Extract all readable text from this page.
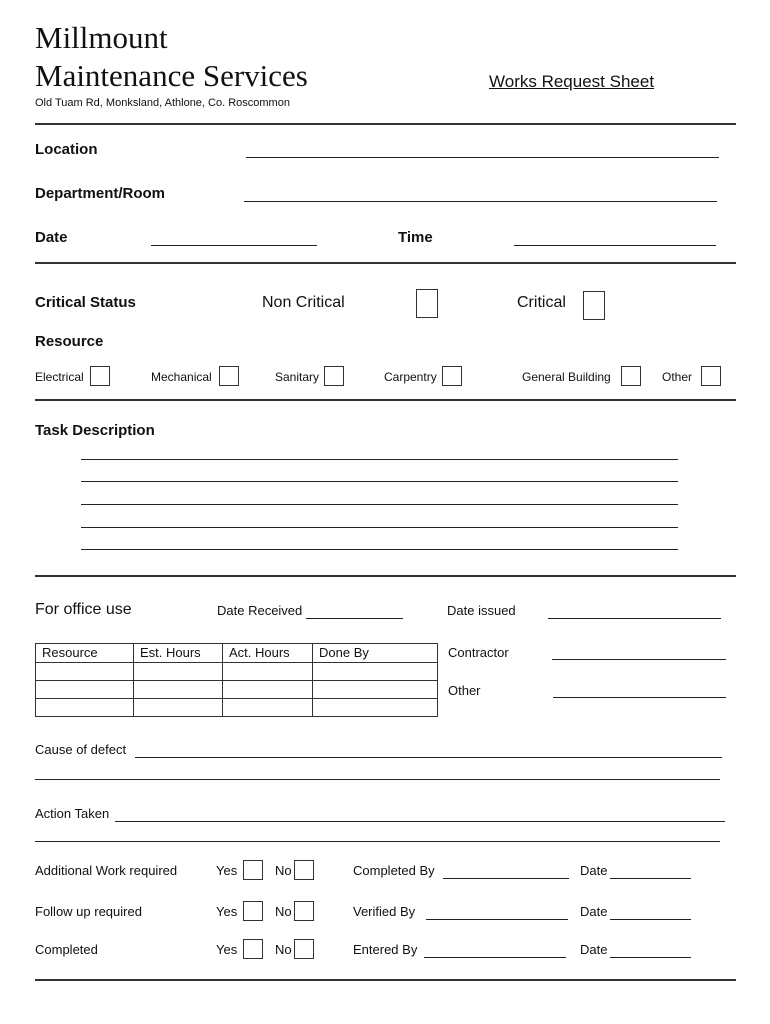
Millmount
Maintenance Services
Old Tuam Rd, Monksland, Athlone, Co. Roscommon
Works Request Sheet
Location
Department/Room
Date	Time
Critical Status	Non Critical	Critical
Resource
Electrical	Mechanical	Sanitary	Carpentry	General Building	Other
Task Description
For office use	Date Received	Date issued
Resource	Est. Hours	Act. Hours	Done By

				Contractor
Other
Cause of defect
Action Taken
Additional Work required	Yes	No	Completed By	Date
Follow up required	Yes	No	Verified By	Date
Completed	Yes	No	Entered By	Date
